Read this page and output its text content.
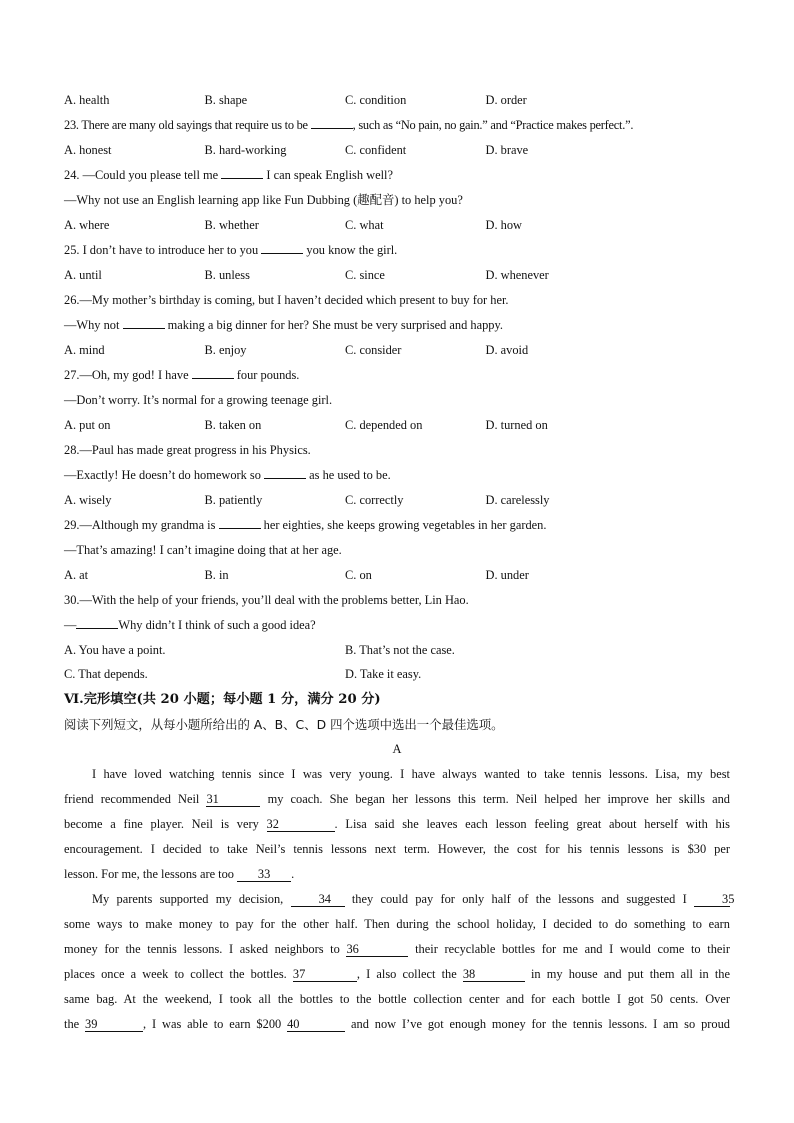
A. health	B. shape	C. condition	D. order
23. There are many old sayings that require us to be	, such as “No pain, no gain.” and “Practice makes perfect.”.
A. honest	B. hard-working	C. confident	D. brave
24. —Could you please tell me	I can speak English well?
—Why not use an English learning app like Fun Dubbing (趣配音) to help you?
A. where	B. whether	C. what	D. how
25. I don’t have to introduce her to you	you know the girl.
A. until	B. unless	C. since	D. whenever
26.—My mother’s birthday is coming, but I haven’t decided which present to buy for her.
—Why not	making a big dinner for her? She must be very surprised and happy.
A. mind	B. enjoy	C. consider	D. avoid
27.—Oh, my god! I have	four pounds.
—Don’t worry. It’s normal for a growing teenage girl.
A. put on	B. taken on	C. depended on	D. turned on
28.—Paul has made great progress in his Physics.
—Exactly! He doesn’t do homework so	as he used to be.
A. wisely	B. patiently	C. correctly	D. carelessly
29.—Although my grandma is	her eighties, she keeps growing vegetables in her garden.
—That’s amazing! I can’t imagine doing that at her age.
A. at	B. in	C. on	D. under
30.—With the help of your friends, you’ll deal with the problems better, Lin Hao.
—	Why didn’t I think of such a good idea?
A. You have a point.	B. That’s not the case.
C. That depends.	D. Take it easy.
Ⅵ.完形填空(共 20 小题；每小题 1 分，满分 20 分)
阅读下列短文，从每小题所给出的 A、B、C、D 四个选项中选出一个最佳选项。
A
I have loved watching tennis since I was very young. I have always wanted to take tennis lessons. Lisa, my best
friend recommended Neil 31	my coach. She began her lessons this term. Neil helped her improve her skills and
become a fine player. Neil is very 32	. Lisa said she leaves each lesson feeling great about herself with his
encouragement. I decided to take Neil’s tennis lessons next term. However, the cost for his tennis lessons is $30 per
lesson. For me, the lessons are too 33 .
My parents supported my decision, 34 they could pay for only half of the lessons and suggested I 35
some ways to make money to pay for the other half. Then during the school holiday, I decided to do something to earn
money for the tennis lessons. I asked neighbors to 36	their recyclable bottles for me and I would come to their
places once a week to collect the bottles. 37	, I also collect the 38	in my house and put them all in the
same bag. At the weekend, I took all the bottles to the bottle collection center and for each bottle I got 50 cents. Over
the 39	, I was able to earn $200 40	and now I’ve got enough money for the tennis lessons. I am so proud
